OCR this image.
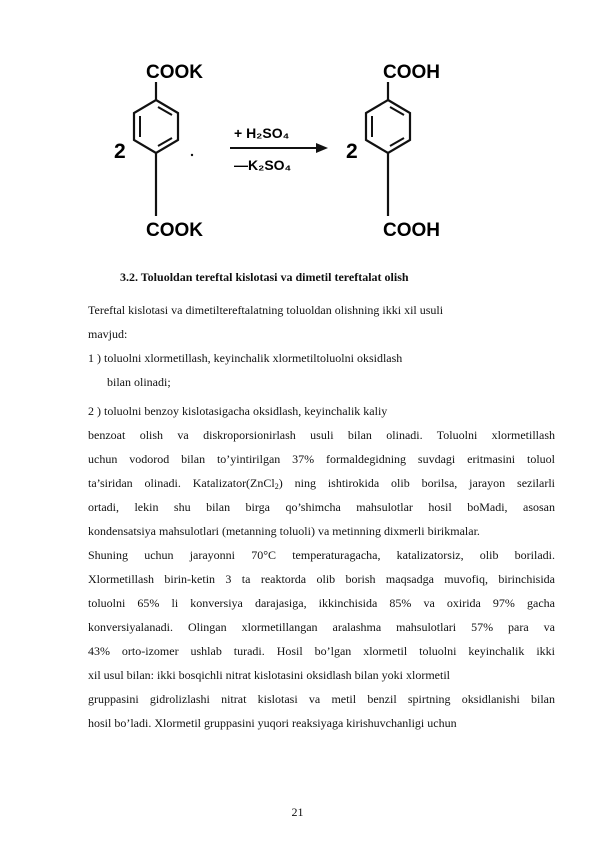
COOK
COOK
2
+ H₂SO₄
—K₂SO₄
2
COOH
COOH
3.2. Toluoldan tereftal kislotasi va dimetil tereftalat olish
Tereftal kislotasi va dimetiltereftalatning toluoldan olishning ikki xil usuli
mavjud:
1 ) toluolni xlormetillash, keyinchalik xlormetiltoluolni oksidlash
bilan olinadi;
2 ) toluolni benzoy kislotasigacha oksidlash, keyinchalik kaliy
benzoat olish va diskroporsionirlash usuli bilan olinadi. Toluolni xlormetillash
uchun vodorod bilan to’yintirilgan 37% formaldegidning suvdagi eritmasini toluol
ta’siridan olinadi. Katalizator(ZnCl$_2$) ning ishtirokida olib borilsa, jarayon sezilarli
ortadi, lekin shu bilan birga qo’shimcha mahsulotlar hosil boMadi, asosan
kondensatsiya mahsulotlari (metanning toluoli) va metinning dixmerli birikmalar.
Shuning uchun jarayonni 70°C temperaturagacha, katalizatorsiz, olib boriladi.
Xlormetillash birin-ketin 3 ta reaktorda olib borish maqsadga muvofiq, birinchisida
toluolni 65% li konversiya darajasiga, ikkinchisida 85% va oxirida 97% gacha
konversiyalanadi. Olingan xlormetillangan aralashma mahsulotlari 57% para va
43% orto-izomer ushlab turadi. Hosil bo’lgan xlormetil toluolni keyinchalik ikki
xil usul bilan: ikki bosqichli nitrat kislotasini oksidlash bilan yoki xlormetil
gruppasini gidrolizlashi nitrat kislotasi va metil benzil spirtning oksidlanishi bilan
hosil bo’ladi. Xlormetil gruppasini yuqori reaksiyaga kirishuvchanligi uchun
21
